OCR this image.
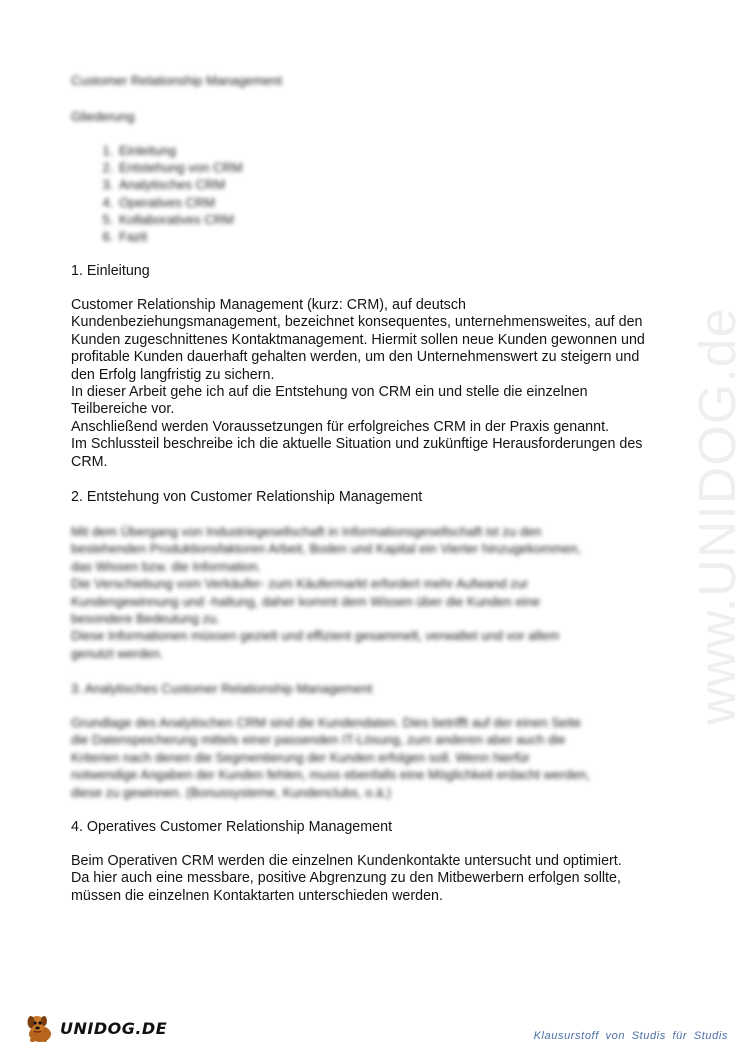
www.UNIDOG.de

Customer Relationship Management

Gliederung

1. Einleitung
2. Entstehung von CRM
3. Analytisches CRM
4. Operatives CRM
5. Kollaboratives CRM
6. Fazit

1. Einleitung

Customer Relationship Management (kurz: CRM), auf deutsch
Kundenbeziehungsmanagement, bezeichnet konsequentes, unternehmensweites, auf den
Kunden zugeschnittenes Kontaktmanagement. Hiermit sollen neue Kunden gewonnen und
profitable Kunden dauerhaft gehalten werden, um den Unternehmenswert zu steigern und
den Erfolg langfristig zu sichern.
In dieser Arbeit gehe ich auf die Entstehung von CRM ein und stelle die einzelnen
Teilbereiche vor.
Anschließend werden Voraussetzungen für erfolgreiches CRM in der Praxis genannt.
Im Schlussteil beschreibe ich die aktuelle Situation und zukünftige Herausforderungen des
CRM.

2. Entstehung von Customer Relationship Management

Mit dem Übergang von Industriegesellschaft in Informationsgesellschaft ist zu den
bestehenden Produktionsfaktoren Arbeit, Boden und Kapital ein Vierter hinzugekommen,
das Wissen bzw. die Information.
Die Verschiebung vom Verkäufer- zum Käufermarkt erfordert mehr Aufwand zur
Kundengewinnung und -haltung, daher kommt dem Wissen über die Kunden eine
besondere Bedeutung zu.
Diese Informationen müssen gezielt und effizient gesammelt, verwaltet und vor allem
genutzt werden.

3. Analytisches Customer Relationship Management

Grundlage des Analytischen CRM sind die Kundendaten. Dies betrifft auf der einen Seite
die Datenspeicherung mittels einer passenden IT-Lösung, zum anderen aber auch die
Kriterien nach denen die Segmentierung der Kunden erfolgen soll. Wenn hierfür
notwendige Angaben der Kunden fehlen, muss ebenfalls eine Möglichkeit erdacht werden,
diese zu gewinnen. (Bonussysteme, Kundenclubs, o.ä.)

4. Operatives Customer Relationship Management

Beim Operativen CRM werden die einzelnen Kundenkontakte untersucht und optimiert.
Da hier auch eine messbare, positive Abgrenzung zu den Mitbewerbern erfolgen sollte,
müssen die einzelnen Kontaktarten unterschieden werden.
UNIDOG.DE	Klausurstoff von Studis für Studis
